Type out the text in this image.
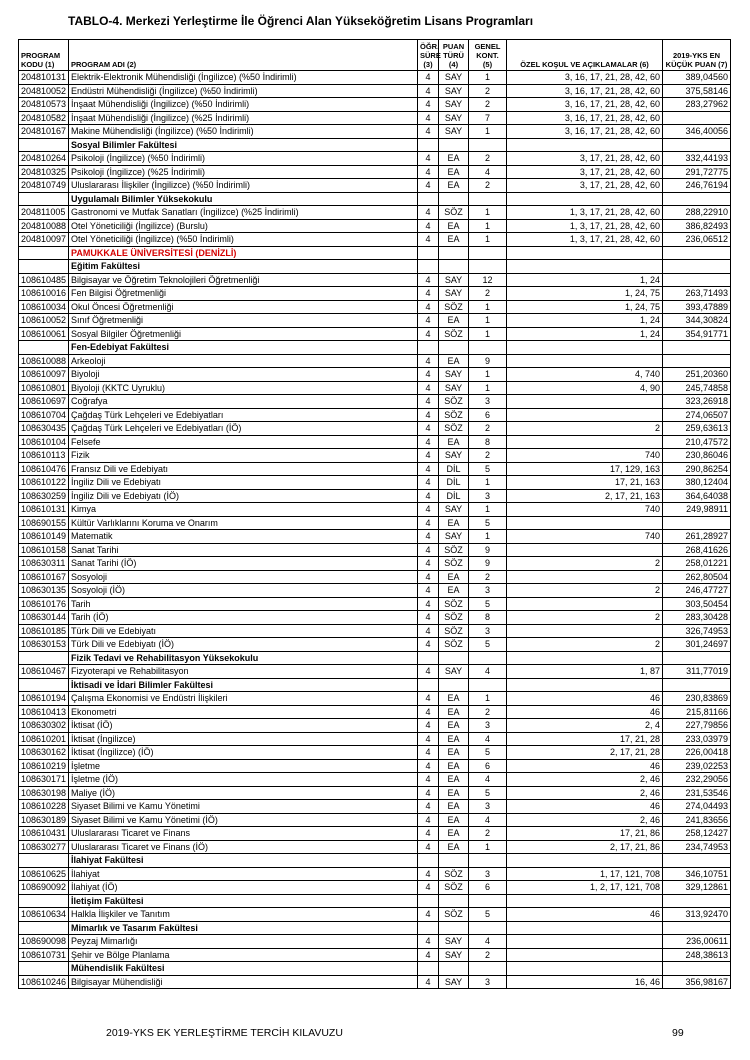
TABLO-4. Merkezi Yerleştirme İle Öğrenci Alan Yükseköğretim Lisans Programları
PROGRAM KODU (1)	PROGRAM ADI (2)	ÖĞR. SÜRE (3)	PUAN TÜRÜ (4)	GENEL KONT. (5)	ÖZEL KOŞUL VE AÇIKLAMALAR (6)	2019-YKS EN KÜÇÜK PUAN (7)
204810131	Elektrik-Elektronik Mühendisliği (İngilizce) (%50 İndirimli)	4	SAY	1	3, 16, 17, 21, 28, 42, 60	389,04560
204810052	Endüstri Mühendisliği (İngilizce) (%50 İndirimli)	4	SAY	2	3, 16, 17, 21, 28, 42, 60	375,58146
204810573	İnşaat Mühendisliği (İngilizce) (%50 İndirimli)	4	SAY	2	3, 16, 17, 21, 28, 42, 60	283,27962
204810582	İnşaat Mühendisliği (İngilizce) (%25 İndirimli)	4	SAY	7	3, 16, 17, 21, 28, 42, 60	
204810167	Makine Mühendisliği (İngilizce) (%50 İndirimli)	4	SAY	1	3, 16, 17, 21, 28, 42, 60	346,40056
	Sosyal Bilimler Fakültesi					
204810264	Psikoloji (İngilizce) (%50 İndirimli)	4	EA	2	3, 17, 21, 28, 42, 60	332,44193
204810325	Psikoloji (İngilizce) (%25 İndirimli)	4	EA	4	3, 17, 21, 28, 42, 60	291,72775
204810749	Uluslararası İlişkiler (İngilizce) (%50 İndirimli)	4	EA	2	3, 17, 21, 28, 42, 60	246,76194
	Uygulamalı Bilimler Yüksekokulu					
204811005	Gastronomi ve Mutfak Sanatları (İngilizce) (%25 İndirimli)	4	SÖZ	1	1, 3, 17, 21, 28, 42, 60	288,22910
204810088	Otel Yöneticiliği (İngilizce) (Burslu)	4	EA	1	1, 3, 17, 21, 28, 42, 60	386,82493
204810097	Otel Yöneticiliği (İngilizce) (%50 İndirimli)	4	EA	1	1, 3, 17, 21, 28, 42, 60	236,06512
	PAMUKKALE ÜNİVERSİTESİ (DENİZLİ)					
	Eğitim Fakültesi					
108610485	Bilgisayar ve Öğretim Teknolojileri Öğretmenliği	4	SAY	12	1, 24	
108610016	Fen Bilgisi Öğretmenliği	4	SAY	2	1, 24, 75	263,71493
108610034	Okul Öncesi Öğretmenliği	4	SÖZ	1	1, 24, 75	393,47889
108610052	Sınıf Öğretmenliği	4	EA	1	1, 24	344,30824
108610061	Sosyal Bilgiler Öğretmenliği	4	SÖZ	1	1, 24	354,91771
	Fen-Edebiyat Fakültesi					
108610088	Arkeoloji	4	EA	9		
108610097	Biyoloji	4	SAY	1	4, 740	251,20360
108610801	Biyoloji (KKTC Uyruklu)	4	SAY	1	4, 90	245,74858
108610697	Coğrafya	4	SÖZ	3		323,26918
108610704	Çağdaş Türk Lehçeleri ve Edebiyatları	4	SÖZ	6		274,06507
108630435	Çağdaş Türk Lehçeleri ve Edebiyatları (İÖ)	4	SÖZ	2	2	259,63613
108610104	Felsefe	4	EA	8		210,47572
108610113	Fizik	4	SAY	2	740	230,86046
108610476	Fransız Dili ve Edebiyatı	4	DİL	5	17, 129, 163	290,86254
108610122	İngiliz Dili ve Edebiyatı	4	DİL	1	17, 21, 163	380,12404
108630259	İngiliz Dili ve Edebiyatı (İÖ)	4	DİL	3	2, 17, 21, 163	364,64038
108610131	Kimya	4	SAY	1	740	249,98911
108690155	Kültür Varlıklarını Koruma ve Onarım	4	EA	5		
108610149	Matematik	4	SAY	1	740	261,28927
108610158	Sanat Tarihi	4	SÖZ	9		268,41626
108630311	Sanat Tarihi (İÖ)	4	SÖZ	9	2	258,01221
108610167	Sosyoloji	4	EA	2		262,80504
108630135	Sosyoloji (İÖ)	4	EA	3	2	246,47727
108610176	Tarih	4	SÖZ	5		303,50454
108630144	Tarih (İÖ)	4	SÖZ	8	2	283,30428
108610185	Türk Dili ve Edebiyatı	4	SÖZ	3		326,74953
108630153	Türk Dili ve Edebiyatı (İÖ)	4	SÖZ	5	2	301,24697
	Fizik Tedavi ve Rehabilitasyon Yüksekokulu					
108610467	Fizyoterapi ve Rehabilitasyon	4	SAY	4	1, 87	311,77019
	İktisadi ve İdari Bilimler Fakültesi					
108610194	Çalışma Ekonomisi ve Endüstri İlişkileri	4	EA	1	46	230,83869
108610413	Ekonometri	4	EA	2	46	215,81166
108630302	İktisat (İÖ)	4	EA	3	2, 4	227,79856
108610201	İktisat (İngilizce)	4	EA	4	17, 21, 28	233,03979
108630162	İktisat (İngilizce) (İÖ)	4	EA	5	2, 17, 21, 28	226,00418
108610219	İşletme	4	EA	6	46	239,02253
108630171	İşletme (İÖ)	4	EA	4	2, 46	232,29056
108630198	Maliye (İÖ)	4	EA	5	2, 46	231,53546
108610228	Siyaset Bilimi ve Kamu Yönetimi	4	EA	3	46	274,04493
108630189	Siyaset Bilimi ve Kamu Yönetimi (İÖ)	4	EA	4	2, 46	241,83656
108610431	Uluslararası Ticaret ve Finans	4	EA	2	17, 21, 86	258,12427
108630277	Uluslararası Ticaret ve Finans (İÖ)	4	EA	1	2, 17, 21, 86	234,74953
	İlahiyat Fakültesi					
108610625	İlahiyat	4	SÖZ	3	1, 17, 121, 708	346,10751
108690092	İlahiyat (İÖ)	4	SÖZ	6	1, 2, 17, 121, 708	329,12861
	İletişim Fakültesi					
108610634	Halkla İlişkiler ve Tanıtım	4	SÖZ	5	46	313,92470
	Mimarlık ve Tasarım Fakültesi					
108690098	Peyzaj Mimarlığı	4	SAY	4		236,00611
108610731	Şehir ve Bölge Planlama	4	SAY	2		248,38613
	Mühendislik Fakültesi					
108610246	Bilgisayar Mühendisliği	4	SAY	3	16, 46	356,98167
2019-YKS EK YERLEŞTİRME TERCİH KILAVUZU	99
